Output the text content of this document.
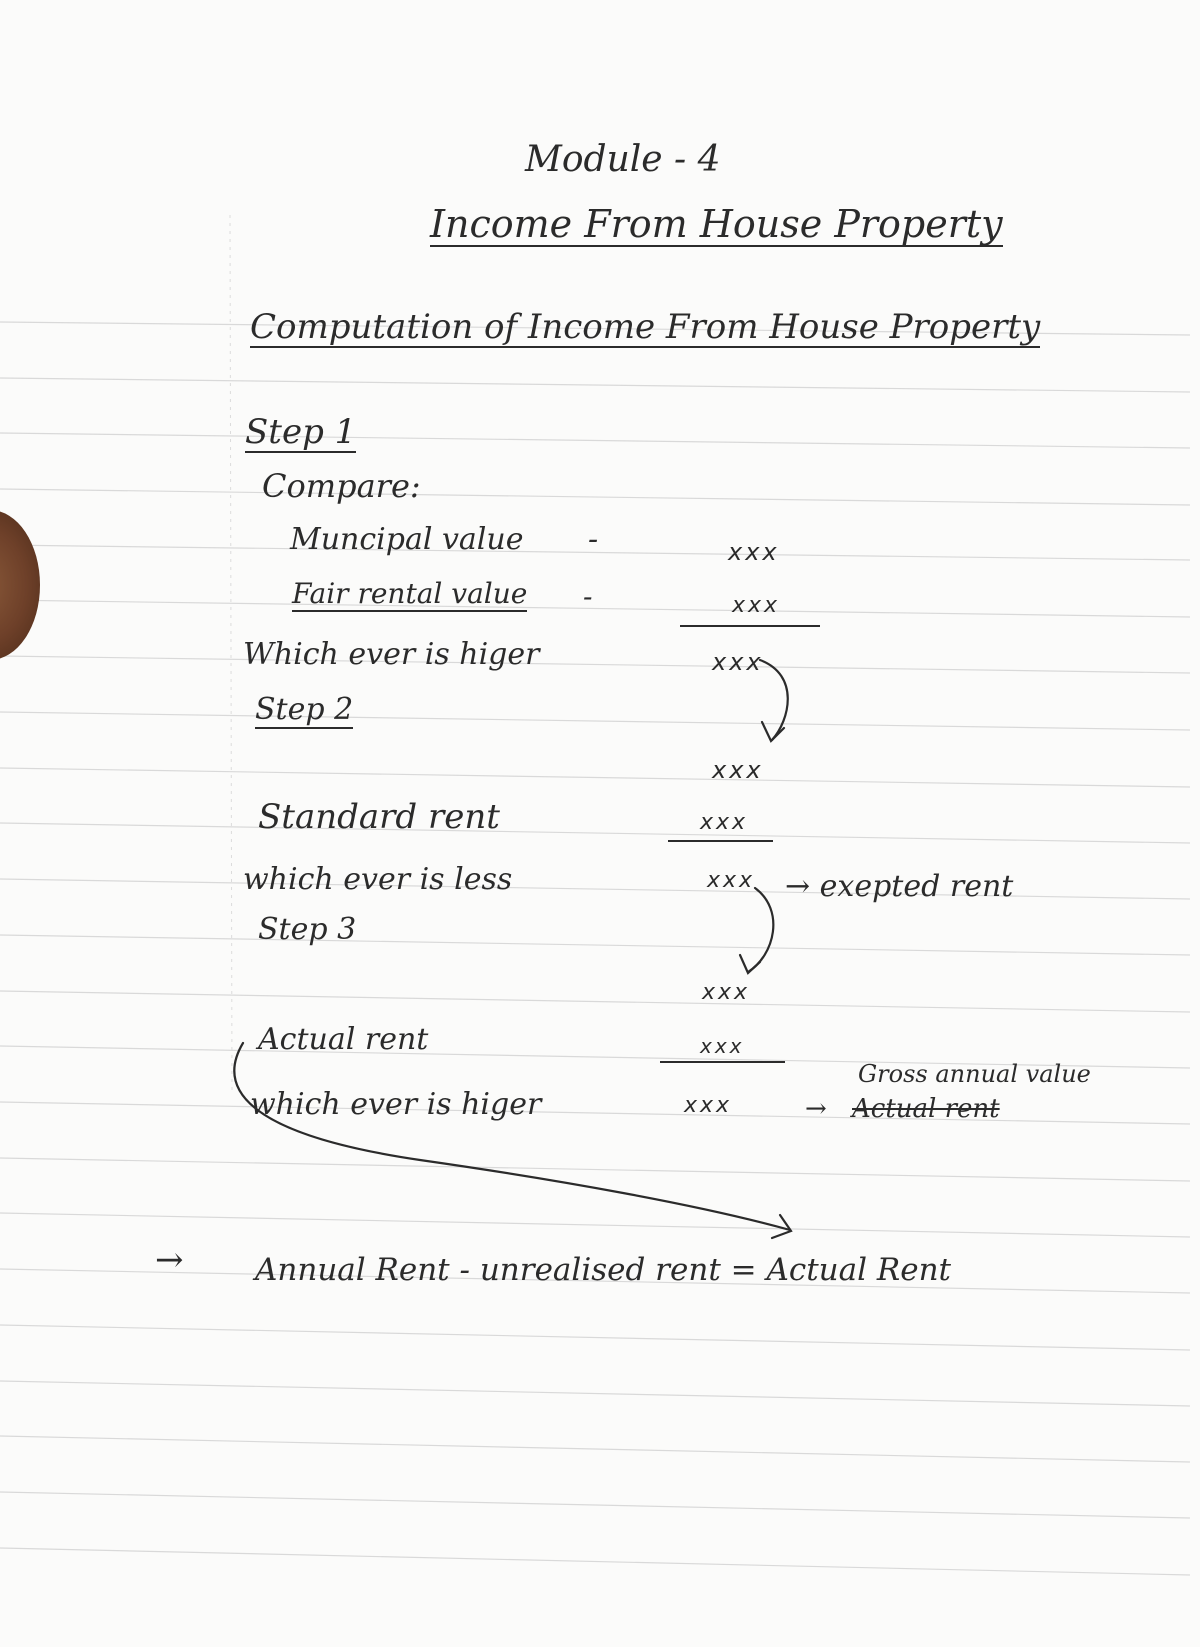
Module - 4
Income From House Property
Computation of Income From House Property
Step 1
Compare:
Muncipal value -	xxx
Fair rental value -	xxx
Which ever is higer	xxx
Step 2
xxx
Standard rent	xxx
which ever is less	xxx → exepted rent
Step 3
xxx
Actual rent	xxx
which ever is higer	xxx	→ Actual rent
Gross annual value
→ Annual Rent - unrealised rent = Actual Rent
